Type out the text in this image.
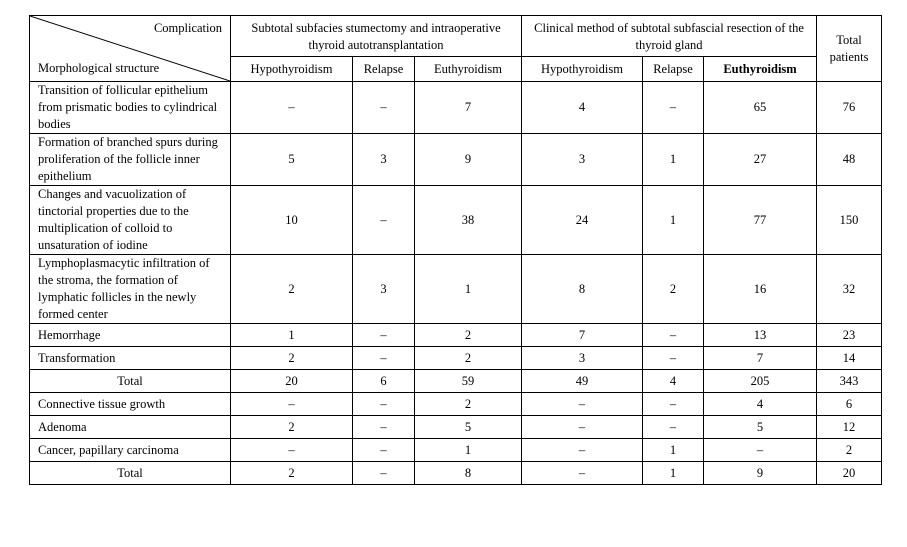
Complication
Morphological structure	Subtotal subfacies stumectomy and intraoperative thyroid autotransplantation			Clinical method of subtotal subfascial resection of the thyroid gland			Total patients
	Hypothyroidism	Relapse	Euthyroidism	Hypothyroidism	Relapse	Euthyroidism	
Transition of follicular epithelium from prismatic bodies to cylindrical bodies	–	–	7	4	–	65	76
Formation of branched spurs during proliferation of the follicle inner epithelium	5	3	9	3	1	27	48
Changes and vacuolization of tinctorial properties due to the multiplication of colloid to unsaturation of iodine	10	–	38	24	1	77	150
Lymphoplasmacytic infiltration of the stroma, the formation of lymphatic follicles in the newly formed center	2	3	1	8	2	16	32
Hemorrhage	1	–	2	7	–	13	23
Transformation	2	–	2	3	–	7	14
Total	20	6	59	49	4	205	343
Connective tissue growth	–	–	2	–	–	4	6
Adenoma	2	–	5	–	–	5	12
Cancer, papillary carcinoma	–	–	1	–	1	–	2
Total	2	–	8	–	1	9	20
